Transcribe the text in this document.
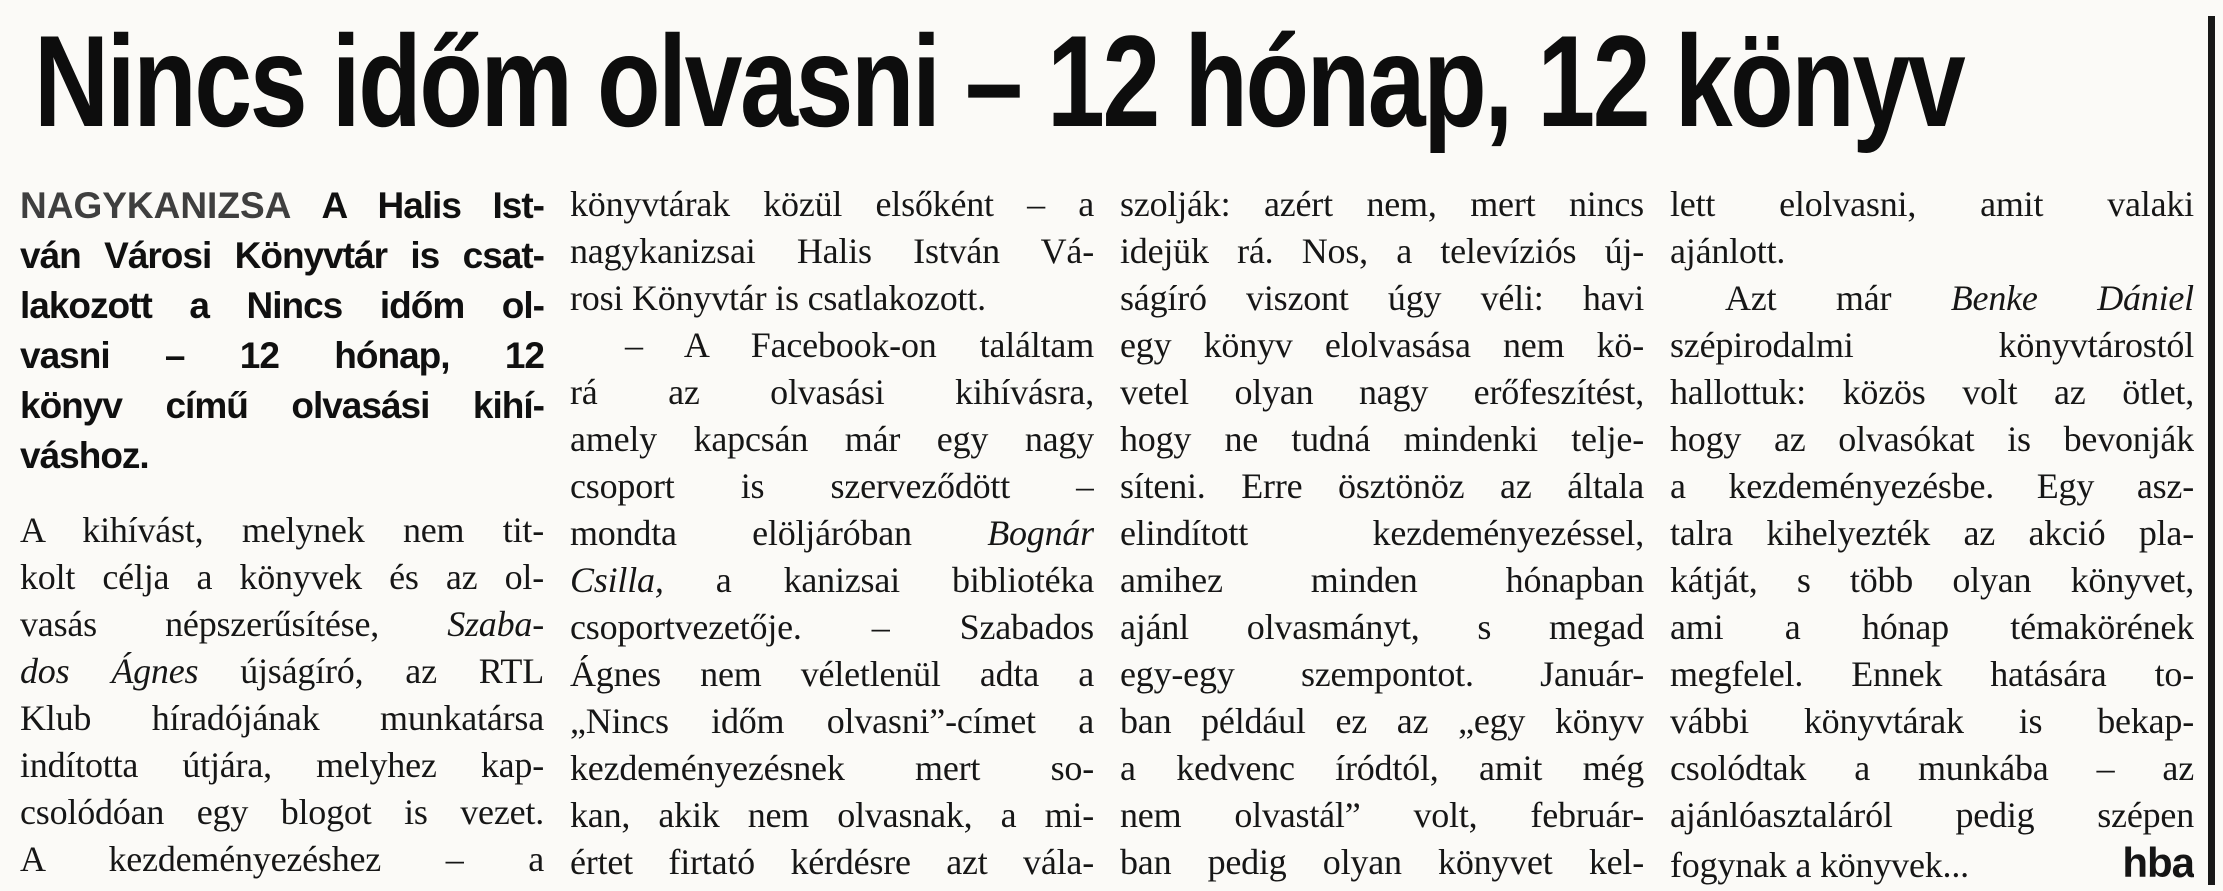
Nincs időm olvasni – 12 hónap, 12 könyv
NAGYKANIZSA A Halis Ist-
ván Városi Könyvtár is csat-
lakozott a Nincs időm ol-
vasni – 12 hónap, 12
könyv című olvasási kihí-
váshoz.
A kihívást, melynek nem tit-
kolt célja a könyvek és az ol-
vasás népszerűsítése, Szaba-
dos Ágnes újságíró, az RTL
Klub híradójának munkatársa
indította útjára, melyhez kap-
csolódóan egy blogot is vezet.
A kezdeményezéshez – a
könyvtárak közül elsőként – a
nagykanizsai Halis István Vá-
rosi Könyvtár is csatlakozott.
– A Facebook-on találtam
rá az olvasási kihívásra,
amely kapcsán már egy nagy
csoport is szerveződött –
mondta elöljáróban Bognár
Csilla, a kanizsai bibliotéka
csoportvezetője. – Szabados
Ágnes nem véletlenül adta a
„Nincs időm olvasni”-címet a
kezdeményezésnek mert so-
kan, akik nem olvasnak, a mi-
értet firtató kérdésre azt vála-
szolják: azért nem, mert nincs
idejük rá. Nos, a televíziós új-
ságíró viszont úgy véli: havi
egy könyv elolvasása nem kö-
vetel olyan nagy erőfeszítést,
hogy ne tudná mindenki telje-
síteni. Erre ösztönöz az általa
elindított kezdeményezéssel,
amihez minden hónapban
ajánl olvasmányt, s megad
egy-egy szempontot. Január-
ban például ez az „egy könyv
a kedvenc íródtól, amit még
nem olvastál” volt, február-
ban pedig olyan könyvet kel-
lett elolvasni, amit valaki
ajánlott.
Azt már Benke Dániel
szépirodalmi könyvtárostól
hallottuk: közös volt az ötlet,
hogy az olvasókat is bevonják
a kezdeményezésbe. Egy asz-
talra kihelyezték az akció pla-
kátját, s több olyan könyvet,
ami a hónap témakörének
megfelel. Ennek hatására to-
vábbi könyvtárak is bekap-
csolódtak a munkába – az
ajánlóasztaláról pedig szépen
fogynak a könyvek...	hba
